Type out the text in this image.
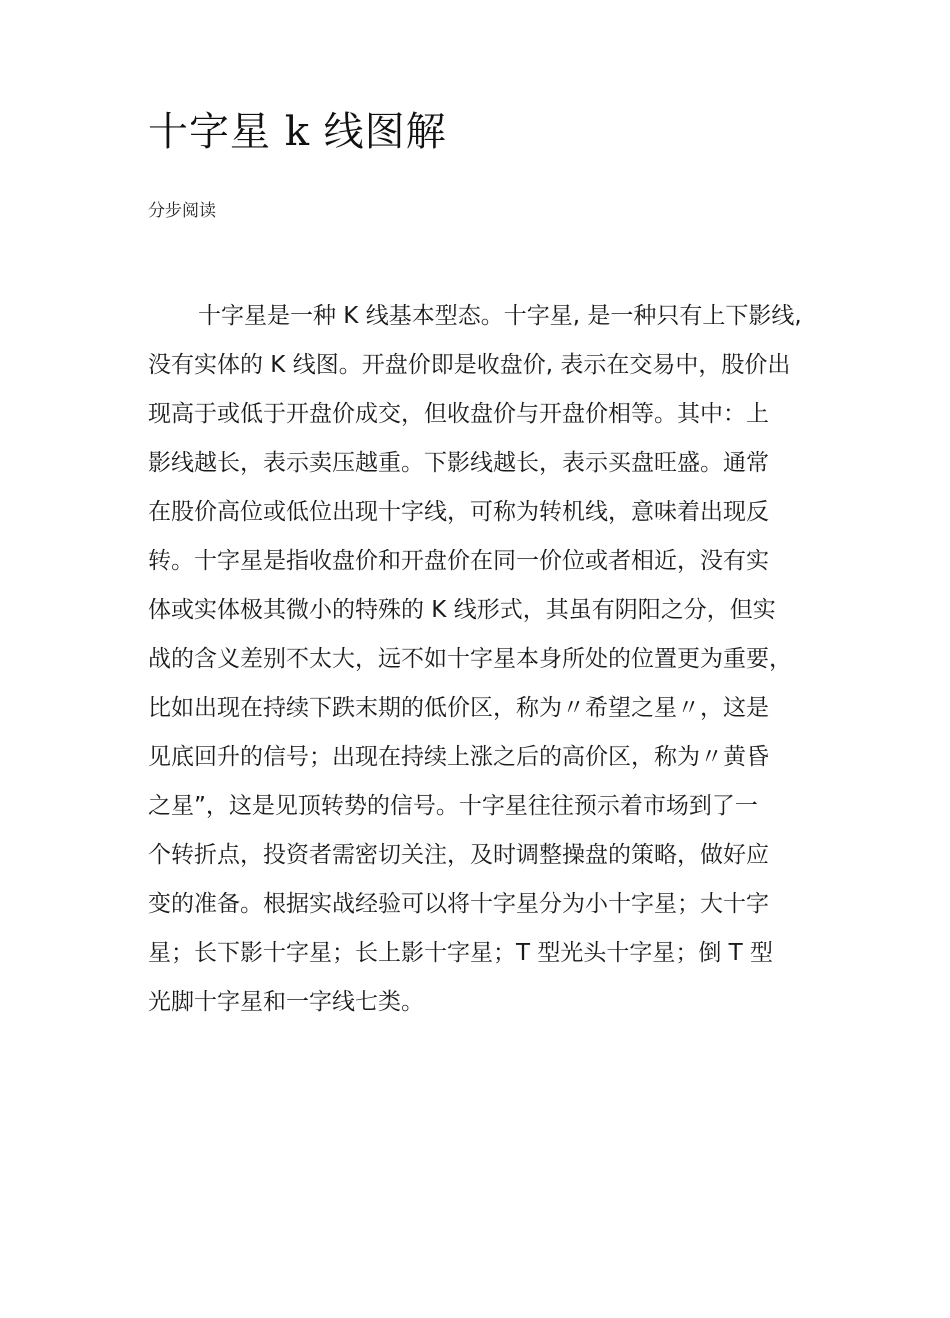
十字星 k 线图解

分步阅读

十字星是一种 K 线基本型态。十字星, 是一种只有上下影线,
没有实体的 K 线图。开盘价即是收盘价, 表示在交易中，股价出
现高于或低于开盘价成交，但收盘价与开盘价相等。其中：上
影线越长，表示卖压越重。下影线越长，表示买盘旺盛。通常
在股价高位或低位出现十字线，可称为转机线，意味着出现反
转。十字星是指收盘价和开盘价在同一价位或者相近，没有实
体或实体极其微小的特殊的 K 线形式，其虽有阴阳之分，但实
战的含义差别不太大，远不如十字星本身所处的位置更为重要，
比如出现在持续下跌末期的低价区，称为〃希望之星〃，这是
见底回升的信号；出现在持续上涨之后的高价区，称为〃黄昏
之星”，这是见顶转势的信号。十字星往往预示着市场到了一
个转折点，投资者需密切关注，及时调整操盘的策略，做好应
变的准备。根据实战经验可以将十字星分为小十字星；大十字
星；长下影十字星；长上影十字星；T 型光头十字星；倒 T 型
光脚十字星和一字线七类。
